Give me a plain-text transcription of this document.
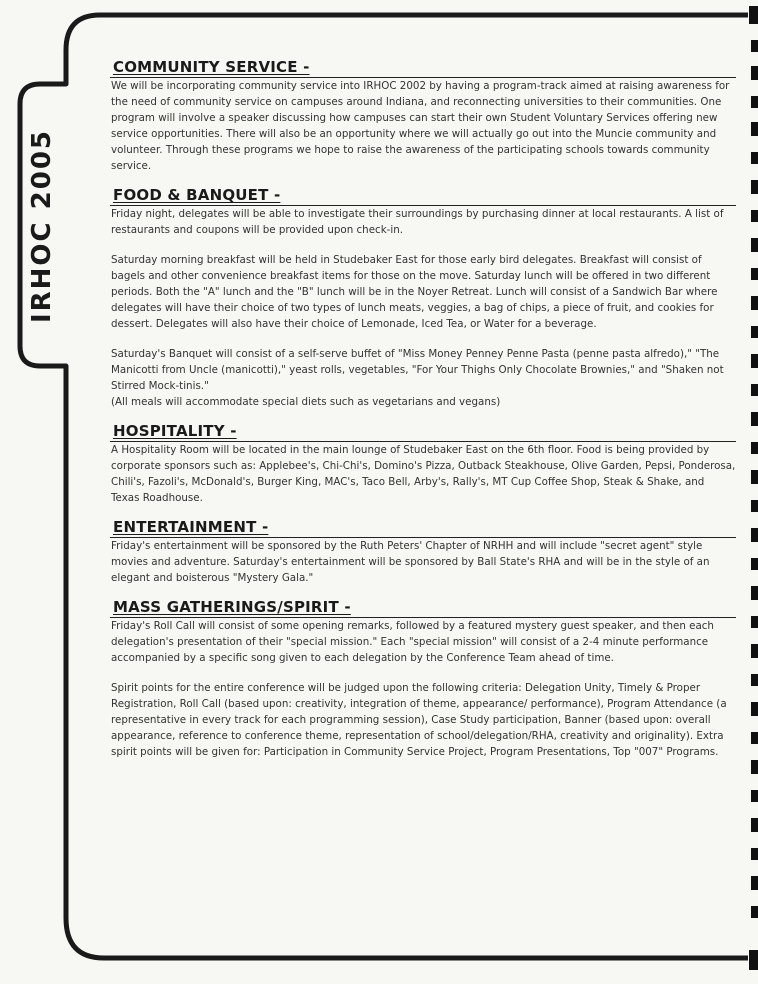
IRHOC 2005
COMMUNITY SERVICE -

We will be incorporating community service into IRHOC 2002 by having a program-track aimed at raising awareness for the need of community service on campuses around Indiana, and reconnecting universities to their communities. One program will involve a speaker discussing how campuses can start their own Student Voluntary Services offering new service opportunities. There will also be an opportunity where we will actually go out into the Muncie community and volunteer. Through these programs we hope to raise the awareness of the participating schools towards community service.

FOOD & BANQUET -

Friday night, delegates will be able to investigate their surroundings by purchasing dinner at local restaurants. A list of restaurants and coupons will be provided upon check-in.

Saturday morning breakfast will be held in Studebaker East for those early bird delegates. Breakfast will consist of bagels and other convenience breakfast items for those on the move. Saturday lunch will be offered in two different periods. Both the "A" lunch and the "B" lunch will be in the Noyer Retreat. Lunch will consist of a Sandwich Bar where delegates will have their choice of two types of lunch meats, veggies, a bag of chips, a piece of fruit, and cookies for dessert. Delegates will also have their choice of Lemonade, Iced Tea, or Water for a beverage.

Saturday's Banquet will consist of a self-serve buffet of "Miss Money Penney Penne Pasta (penne pasta alfredo)," "The Manicotti from Uncle (manicotti)," yeast rolls, vegetables, "For Your Thighs Only Chocolate Brownies," and "Shaken not Stirred Mock-tinis."
(All meals will accommodate special diets such as vegetarians and vegans)

HOSPITALITY -

A Hospitality Room will be located in the main lounge of Studebaker East on the 6th floor. Food is being provided by corporate sponsors such as: Applebee's, Chi-Chi's, Domino's Pizza, Outback Steakhouse, Olive Garden, Pepsi, Ponderosa, Chili's, Fazoli's, McDonald's, Burger King, MAC's, Taco Bell, Arby's, Rally's, MT Cup Coffee Shop, Steak & Shake, and Texas Roadhouse.

ENTERTAINMENT -

Friday's entertainment will be sponsored by the Ruth Peters' Chapter of NRHH and will include "secret agent" style movies and adventure. Saturday's entertainment will be sponsored by Ball State's RHA and will be in the style of an elegant and boisterous "Mystery Gala."

MASS GATHERINGS/SPIRIT -

Friday's Roll Call will consist of some opening remarks, followed by a featured mystery guest speaker, and then each delegation's presentation of their "special mission." Each "special mission" will consist of a 2-4 minute performance accompanied by a specific song given to each delegation by the Conference Team ahead of time.

Spirit points for the entire conference will be judged upon the following criteria: Delegation Unity, Timely & Proper Registration, Roll Call (based upon: creativity, integration of theme, appearance/ performance), Program Attendance (a representative in every track for each programming session), Case Study participation, Banner (based upon: overall appearance, reference to conference theme, representation of school/delegation/RHA, creativity and originality). Extra spirit points will be given for: Participation in Community Service Project, Program Presentations, Top "007" Programs.
